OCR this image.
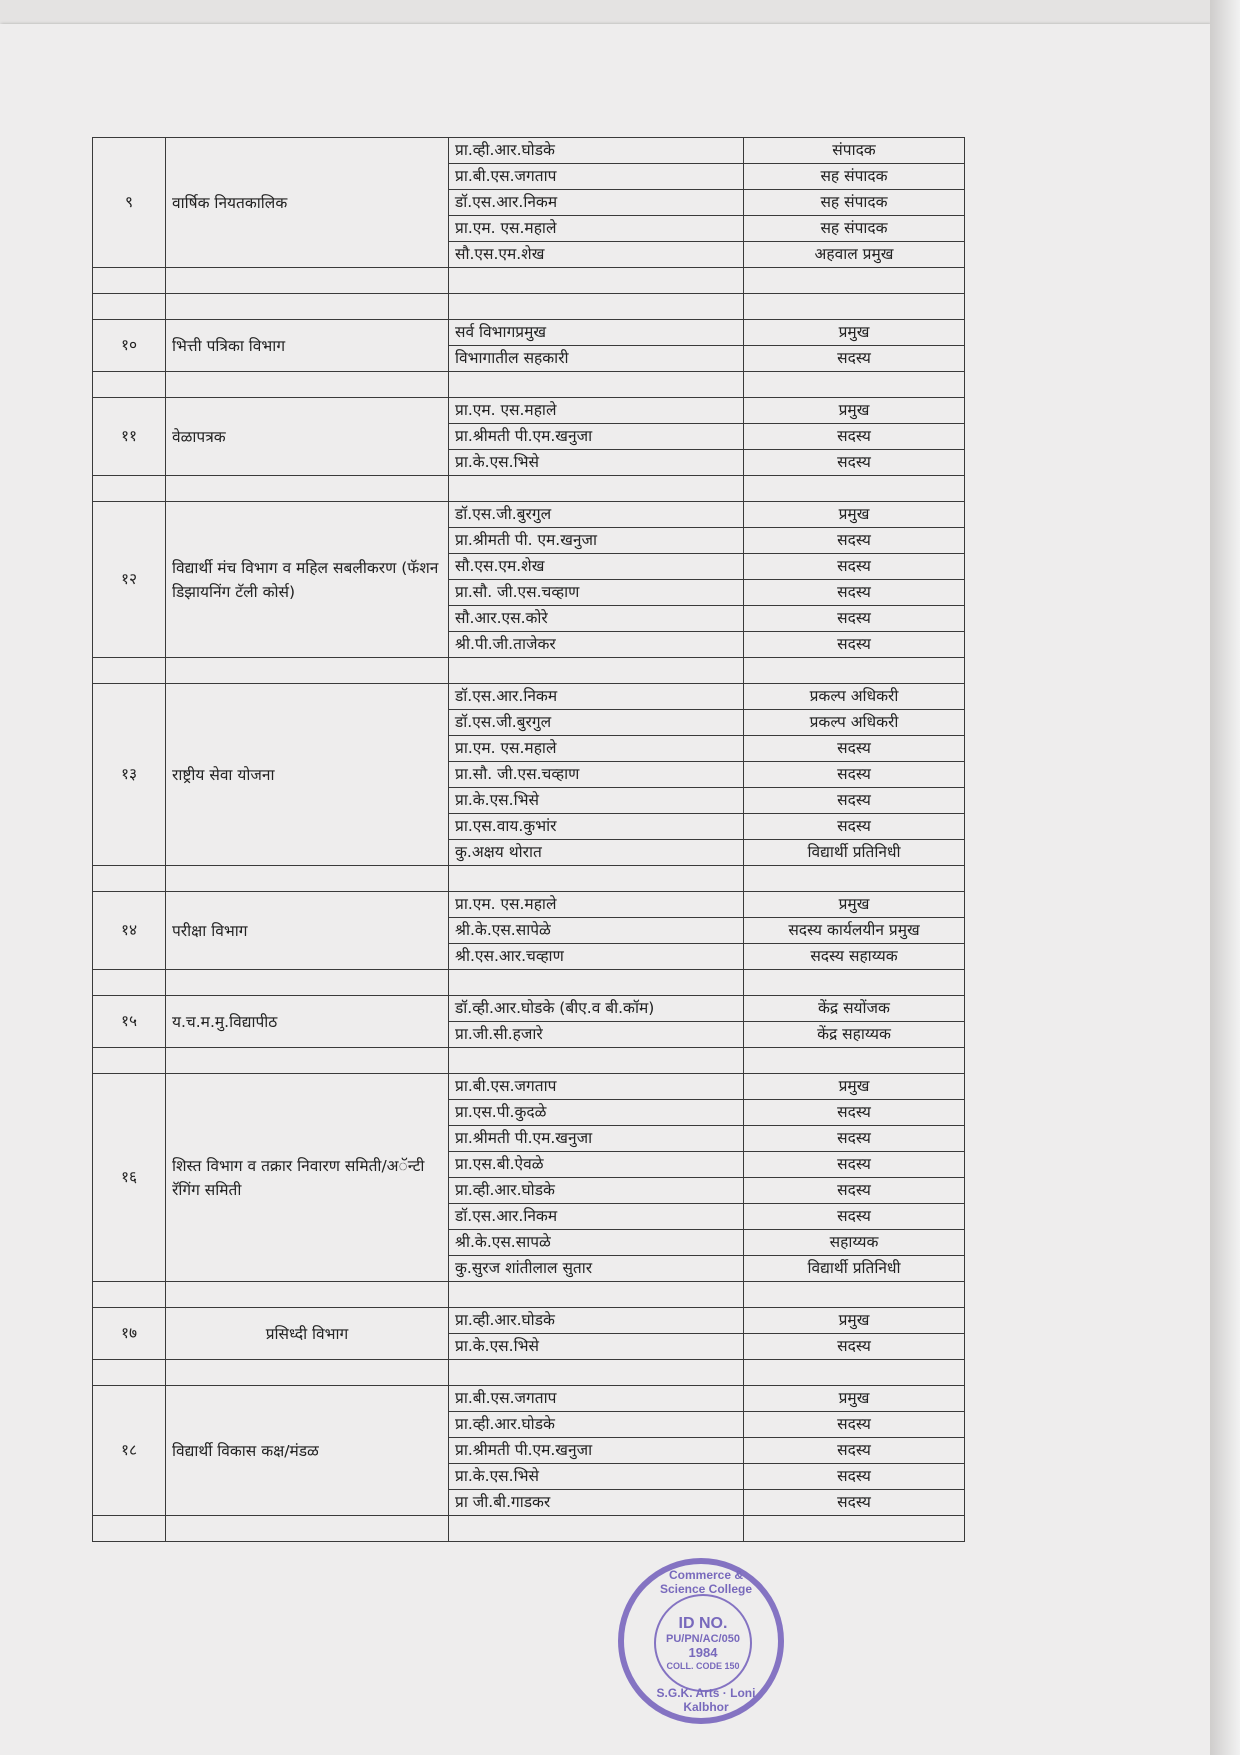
९	वार्षिक नियतकालिक	प्रा.व्ही.आर.घोडके	संपादक
		प्रा.बी.एस.जगताप	सह संपादक
		डॉ.एस.आर.निकम	सह संपादक
		प्रा.एम. एस.महाले	सह संपादक
		सौ.एस.एम.शेख	अहवाल प्रमुख

१०	भित्ती पत्रिका विभाग	सर्व विभागप्रमुख	प्रमुख
		विभागातील सहकारी	सदस्य

११	वेळापत्रक	प्रा.एम. एस.महाले	प्रमुख
		प्रा.श्रीमती पी.एम.खनुजा	सदस्य
		प्रा.के.एस.भिसे	सदस्य

१२	विद्यार्थी मंच विभाग व महिल सबलीकरण (फॅशन डिझायनिंग टॅली कोर्स)	डॉ.एस.जी.बुरगुल	प्रमुख
		प्रा.श्रीमती पी. एम.खनुजा	सदस्य
		सौ.एस.एम.शेख	सदस्य
		प्रा.सौ. जी.एस.चव्हाण	सदस्य
		सौ.आर.एस.कोरे	सदस्य
		श्री.पी.जी.ताजेकर	सदस्य

१३	राष्ट्रीय सेवा योजना	डॉ.एस.आर.निकम	प्रकल्प अधिकरी
		डॉ.एस.जी.बुरगुल	प्रकल्प अधिकरी
		प्रा.एम. एस.महाले	सदस्य
		प्रा.सौ. जी.एस.चव्हाण	सदस्य
		प्रा.के.एस.भिसे	सदस्य
		प्रा.एस.वाय.कुभांर	सदस्य
		कु.अक्षय थोरात	विद्यार्थी प्रतिनिधी

१४	परीक्षा विभाग	प्रा.एम. एस.महाले	प्रमुख
		श्री.के.एस.सापेळे	सदस्य कार्यलयीन प्रमुख
		श्री.एस.आर.चव्हाण	सदस्य सहाय्यक

१५	य.च.म.मु.विद्यापीठ	डॉ.व्ही.आर.घोडके (बीए.व बी.कॉम)	केंद्र सयोंजक
		प्रा.जी.सी.हजारे	केंद्र सहाय्यक

१६	शिस्त विभाग व तक्रार निवारण समिती/अॅन्टी रॅगिंग समिती	प्रा.बी.एस.जगताप	प्रमुख
		प्रा.एस.पी.कुदळे	सदस्य
		प्रा.श्रीमती पी.एम.खनुजा	सदस्य
		प्रा.एस.बी.ऐवळे	सदस्य
		प्रा.व्ही.आर.घोडके	सदस्य
		डॉ.एस.आर.निकम	सदस्य
		श्री.के.एस.सापळे	सहाय्यक
		कु.सुरज शांतीलाल सुतार	विद्यार्थी प्रतिनिधी

१७	प्रसिध्दी विभाग	प्रा.व्ही.आर.घोडके	प्रमुख
		प्रा.के.एस.भिसे	सदस्य

१८	विद्यार्थी विकास कक्ष/मंडळ	प्रा.बी.एस.जगताप	प्रमुख
		प्रा.व्ही.आर.घोडके	सदस्य
		प्रा.श्रीमती पी.एम.खनुजा	सदस्य
		प्रा.के.एस.भिसे	सदस्य
		प्रा जी.बी.गाडकर	सदस्य

Commerce & Science College
ID NO.
PU/PN/AC/050
1984
COLL. CODE 150
S.G.K. Arts · Loni Kalbhor
